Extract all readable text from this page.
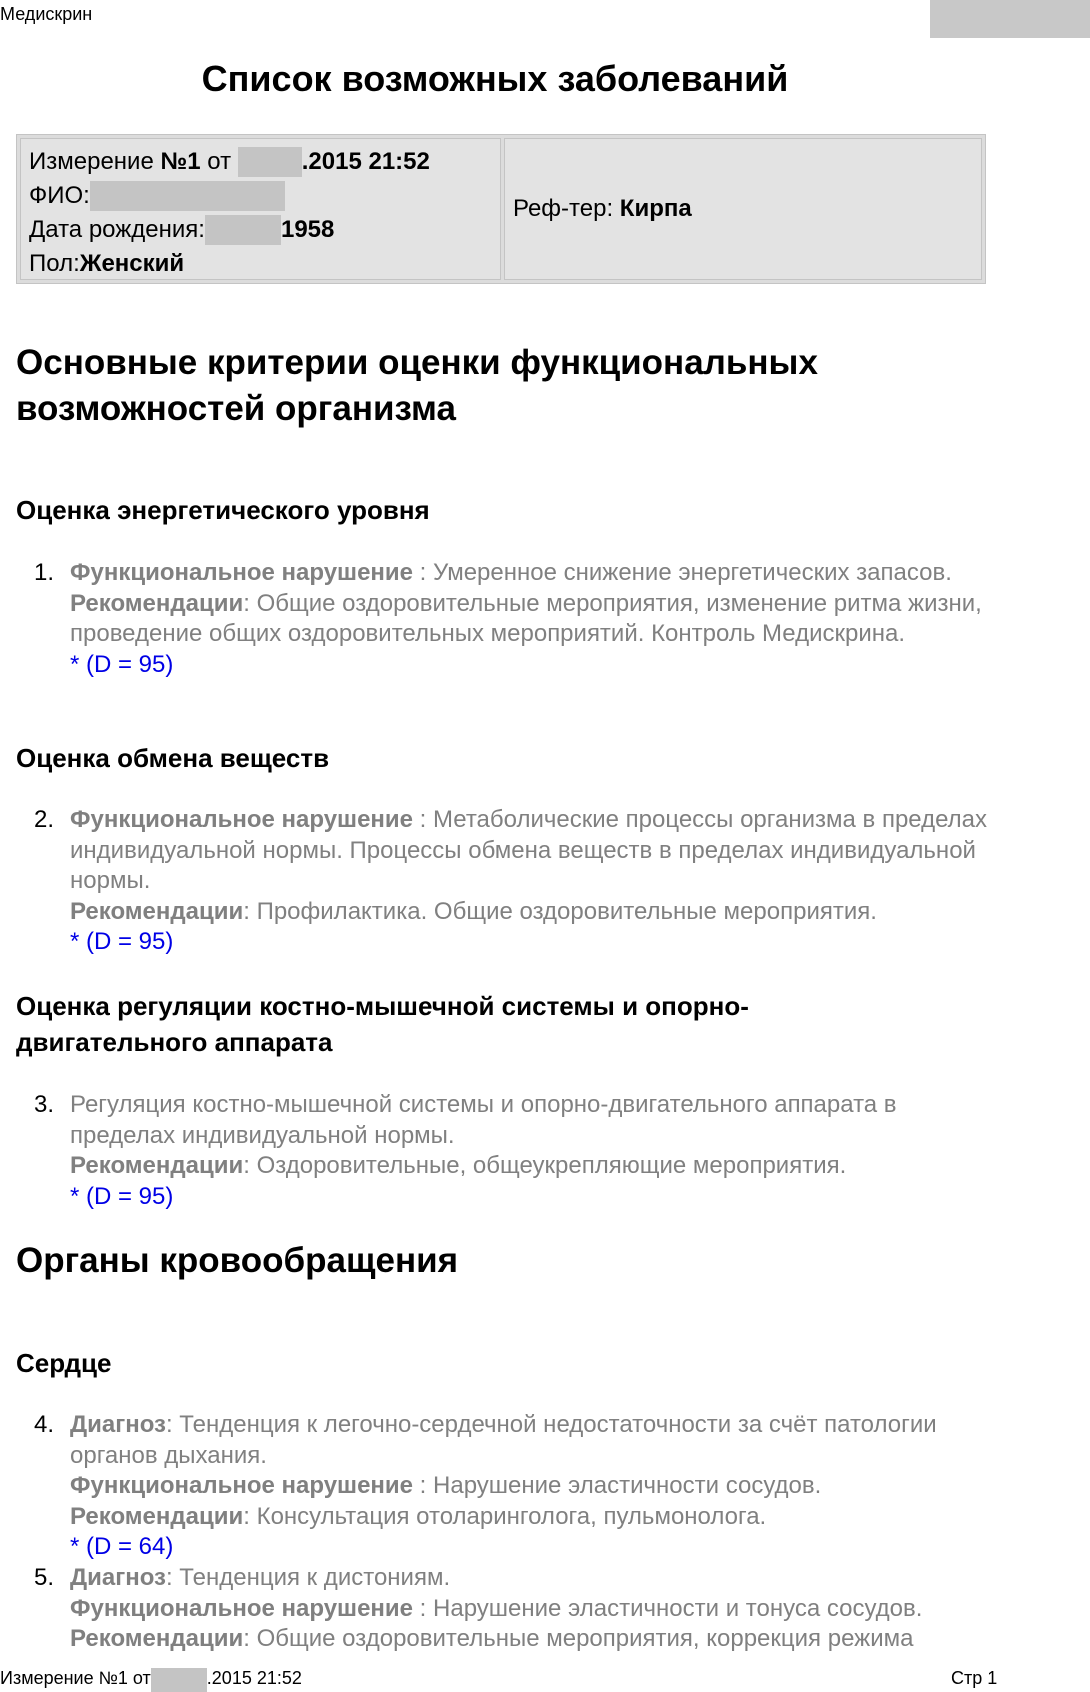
Медискрин
Список возможных заболеваний
Измерение №1 от	.2015 21:52
ФИО:
Дата рождения:	1958
Пол:Женский
Реф-тер: Кирпа
Основные критерии оценки функциональных возможностей организма
Оценка энергетического уровня
1. Функциональное нарушение : Умеренное снижение энергетических запасов.
Рекомендации: Общие оздоровительные мероприятия, изменение ритма жизни, проведение общих оздоровительных мероприятий. Контроль Медискрина.
* (D = 95)
Оценка обмена веществ
2. Функциональное нарушение : Метаболические процессы организма в пределах индивидуальной нормы. Процессы обмена веществ в пределах индивидуальной нормы.
Рекомендации: Профилактика. Общие оздоровительные мероприятия.
* (D = 95)
Оценка регуляции костно-мышечной системы и опорно-двигательного аппарата
3. Регуляция костно-мышечной системы и опорно-двигательного аппарата в пределах индивидуальной нормы.
Рекомендации: Оздоровительные, общеукрепляющие мероприятия.
* (D = 95)
Органы кровообращения
Сердце
4. Диагноз: Тенденция к легочно-сердечной недостаточности за счёт патологии органов дыхания.
Функциональное нарушение : Нарушение эластичности сосудов.
Рекомендации: Консультация отоларинголога, пульмонолога.
* (D = 64)
5. Диагноз: Тенденция к дистониям.
Функциональное нарушение : Нарушение эластичности и тонуса сосудов.
Рекомендации: Общие оздоровительные мероприятия, коррекция режима
Измерение №1 от	.2015 21:52	Стр 1
